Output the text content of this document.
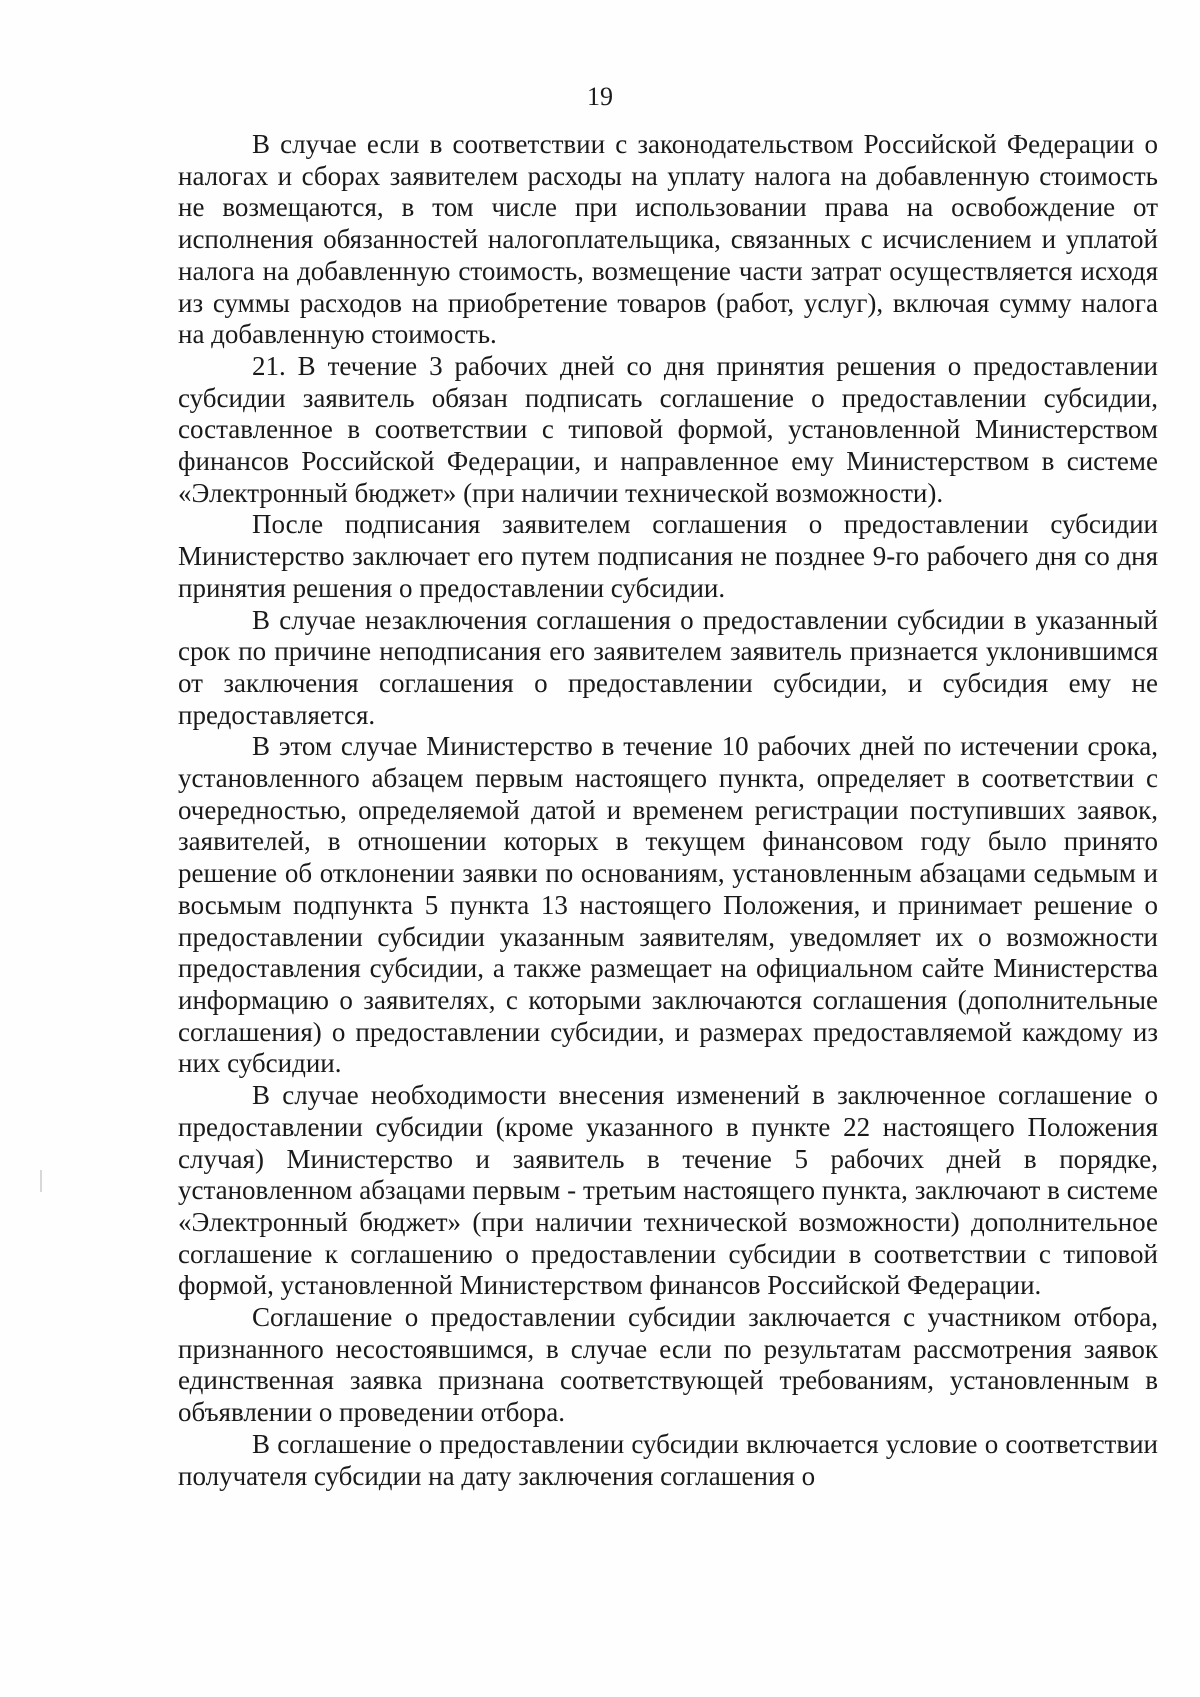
19

В случае если в соответствии с законодательством Российской Федерации о налогах и сборах заявителем расходы на уплату налога на добавленную стоимость не возмещаются, в том числе при использовании права на освобождение от исполнения обязанностей налогоплательщика, связанных с исчислением и уплатой налога на добавленную стоимость, возмещение части затрат осуществляется исходя из суммы расходов на приобретение товаров (работ, услуг), включая сумму налога на добавленную стоимость.

21. В течение 3 рабочих дней со дня принятия решения о предоставлении субсидии заявитель обязан подписать соглашение о предоставлении субсидии, составленное в соответствии с типовой формой, установленной Министерством финансов Российской Федерации, и направленное ему Министерством в системе «Электронный бюджет» (при наличии технической возможности).

После подписания заявителем соглашения о предоставлении субсидии Министерство заключает его путем подписания не позднее 9-го рабочего дня со дня принятия решения о предоставлении субсидии.

В случае незаключения соглашения о предоставлении субсидии в указанный срок по причине неподписания его заявителем заявитель признается уклонившимся от заключения соглашения о предоставлении субсидии, и субсидия ему не предоставляется.

В этом случае Министерство в течение 10 рабочих дней по истечении срока, установленного абзацем первым настоящего пункта, определяет в соответствии с очередностью, определяемой датой и временем регистрации поступивших заявок, заявителей, в отношении которых в текущем финансовом году было принято решение об отклонении заявки по основаниям, установленным абзацами седьмым и восьмым подпункта 5 пункта 13 настоящего Положения, и принимает решение о предоставлении субсидии указанным заявителям, уведомляет их о возможности предоставления субсидии, а также размещает на официальном сайте Министерства информацию о заявителях, с которыми заключаются соглашения (дополнительные соглашения) о предоставлении субсидии, и размерах предоставляемой каждому из них субсидии.

В случае необходимости внесения изменений в заключенное соглашение о предоставлении субсидии (кроме указанного в пункте 22 настоящего Положения случая) Министерство и заявитель в течение 5 рабочих дней в порядке, установленном абзацами первым - третьим настоящего пункта, заключают в системе «Электронный бюджет» (при наличии технической возможности) дополнительное соглашение к соглашению о предоставлении субсидии в соответствии с типовой формой, установленной Министерством финансов Российской Федерации.

Соглашение о предоставлении субсидии заключается с участником отбора, признанного несостоявшимся, в случае если по результатам рассмотрения заявок единственная заявка признана соответствующей требованиям, установленным в объявлении о проведении отбора.

В соглашение о предоставлении субсидии включается условие о соответствии получателя субсидии на дату заключения соглашения о
